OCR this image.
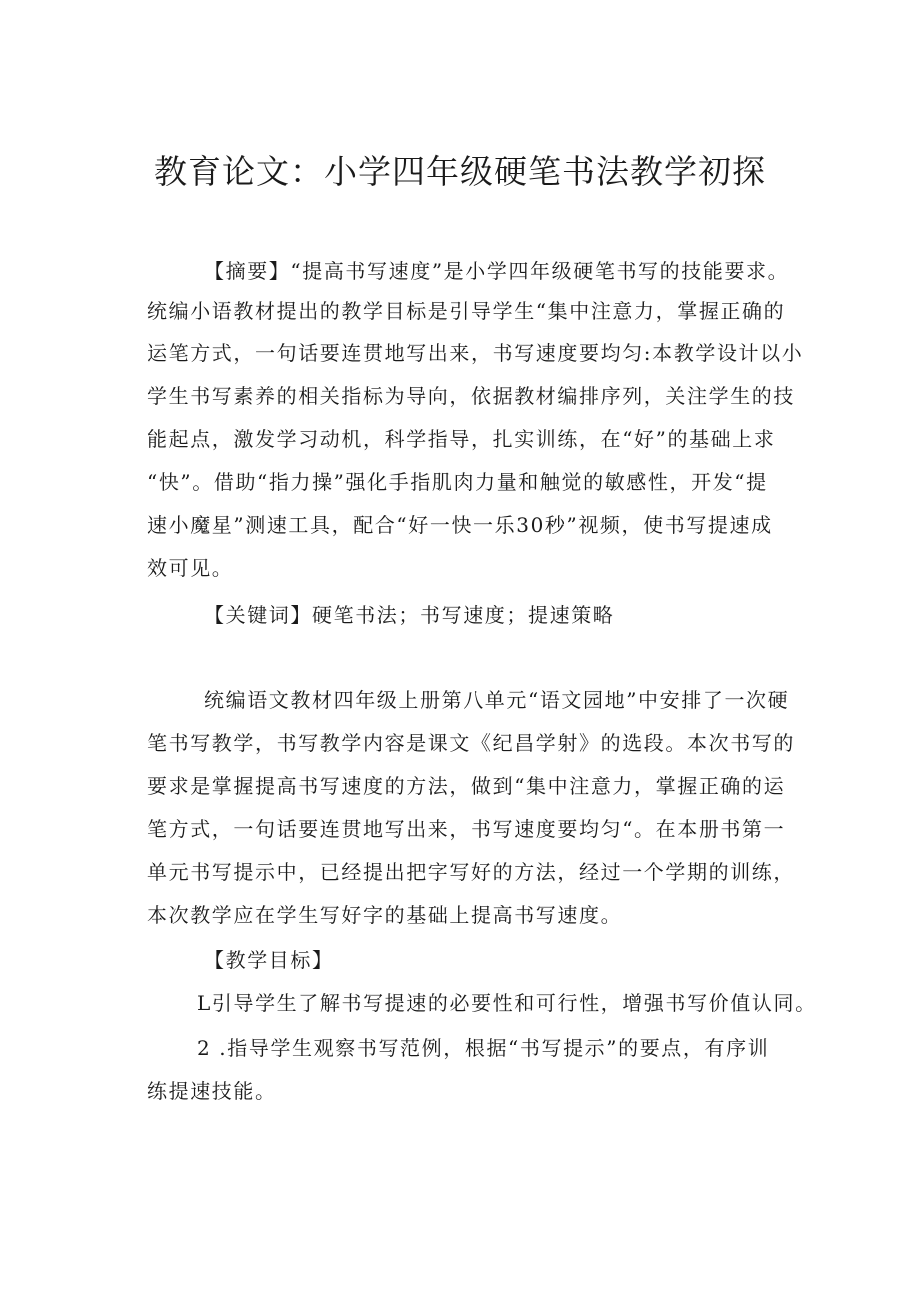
教育论文：小学四年级硬笔书法教学初探
【摘要】“提高书写速度”是小学四年级硬笔书写的技能要求。
统编小语教材提出的教学目标是引导学生“集中注意力，掌握正确的
运笔方式，一句话要连贯地写出来，书写速度要均匀:本教学设计以小
学生书写素养的相关指标为导向，依据教材编排序列，关注学生的技
能起点，激发学习动机，科学指导，扎实训练，在“好”的基础上求
“快”。借助“指力操”强化手指肌肉力量和触觉的敏感性，开发“提
速小魔星”测速工具，配合“好一快一乐30秒”视频，使书写提速成
效可见。
【关键词】硬笔书法；书写速度；提速策略
统编语文教材四年级上册第八单元“语文园地”中安排了一次硬
笔书写教学，书写教学内容是课文《纪昌学射》的选段。本次书写的
要求是掌握提高书写速度的方法，做到“集中注意力，掌握正确的运
笔方式，一句话要连贯地写出来，书写速度要均匀“。在本册书第一
单元书写提示中，已经提出把字写好的方法，经过一个学期的训练，
本次教学应在学生写好字的基础上提高书写速度。
【教学目标】
L引导学生了解书写提速的必要性和可行性，增强书写价值认同。
2 .指导学生观察书写范例，根据“书写提示”的要点，有序训
练提速技能。
